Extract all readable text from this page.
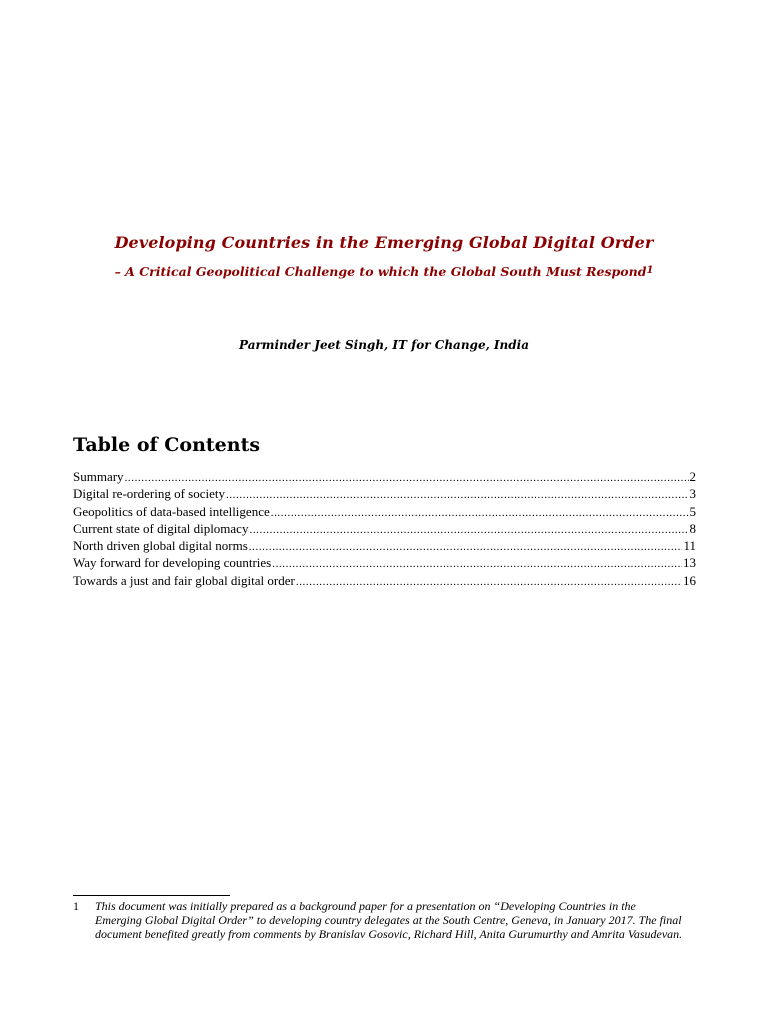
Developing Countries in the Emerging Global Digital Order
– A Critical Geopolitical Challenge to which the Global South Must Respond$^1$
Parminder Jeet Singh, IT for Change, India
Table of Contents
Summary .....	2
Digital re-ordering of society .....	3
Geopolitics of data-based intelligence .....	5
Current state of digital diplomacy .....	8
North driven global digital norms .....	11
Way forward for developing countries .....	13
Towards a just and fair global digital order .....	16
1 This document was initially prepared as a background paper for a presentation on “Developing Countries in the Emerging Global Digital Order” to developing country delegates at the South Centre, Geneva, in January 2017. The final document benefited greatly from comments by Branislav Gosovic, Richard Hill, Anita Gurumurthy and Amrita Vasudevan.
